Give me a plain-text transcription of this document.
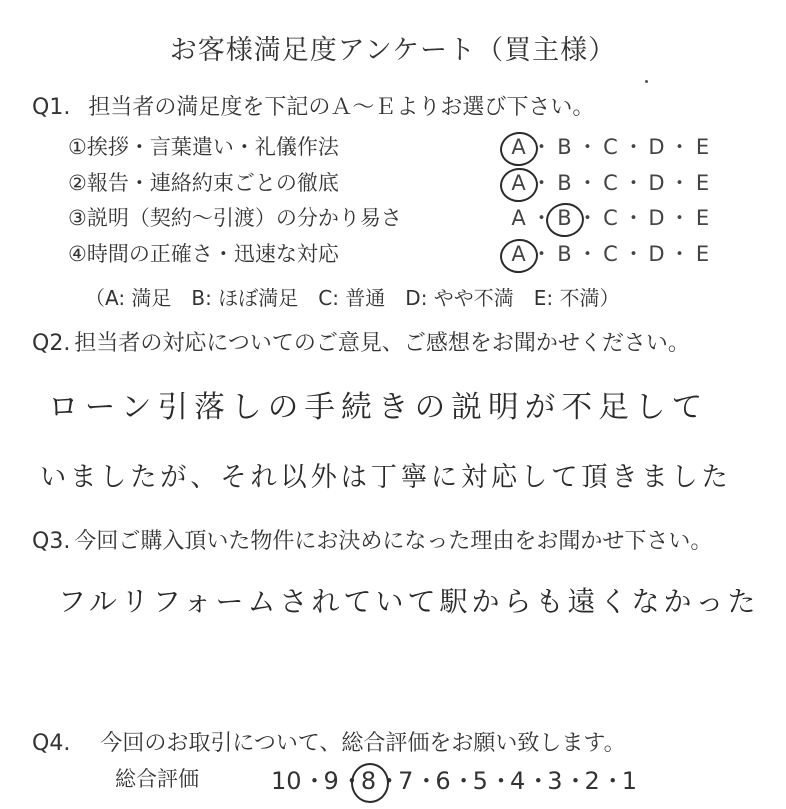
お客様満足度アンケート（買主様）
Q1. 担当者の満足度を下記のＡ～Ｅよりお選び下さい。
①挨拶・言葉遣い・礼儀作法
②報告・連絡約束ごとの徹底
③説明（契約～引渡）の分かり易さ
④時間の正確さ・迅速な対応
A ・ B ・ C ・ D ・ E
A ・ B ・ C ・ D ・ E
A ・ B ・ C ・ D ・ E
A ・ B ・ C ・ D ・ E
（A: 満足　B: ほぼ満足　C: 普通　D: やや不満　E: 不満）
Q2. 担当者の対応についてのご意見、ご感想をお聞かせください。
ローン引落しの手続きの説明が不足して
いましたが、それ以外は丁寧に対応して頂きました
Q3. 今回ご購入頂いた物件にお決めになった理由をお聞かせ下さい。
フルリフォームされていて駅からも遠くなかった
Q4. 今回のお取引について、総合評価をお願い致します。
総合評価	10・9・8・7・6・5・4・3・2・1
